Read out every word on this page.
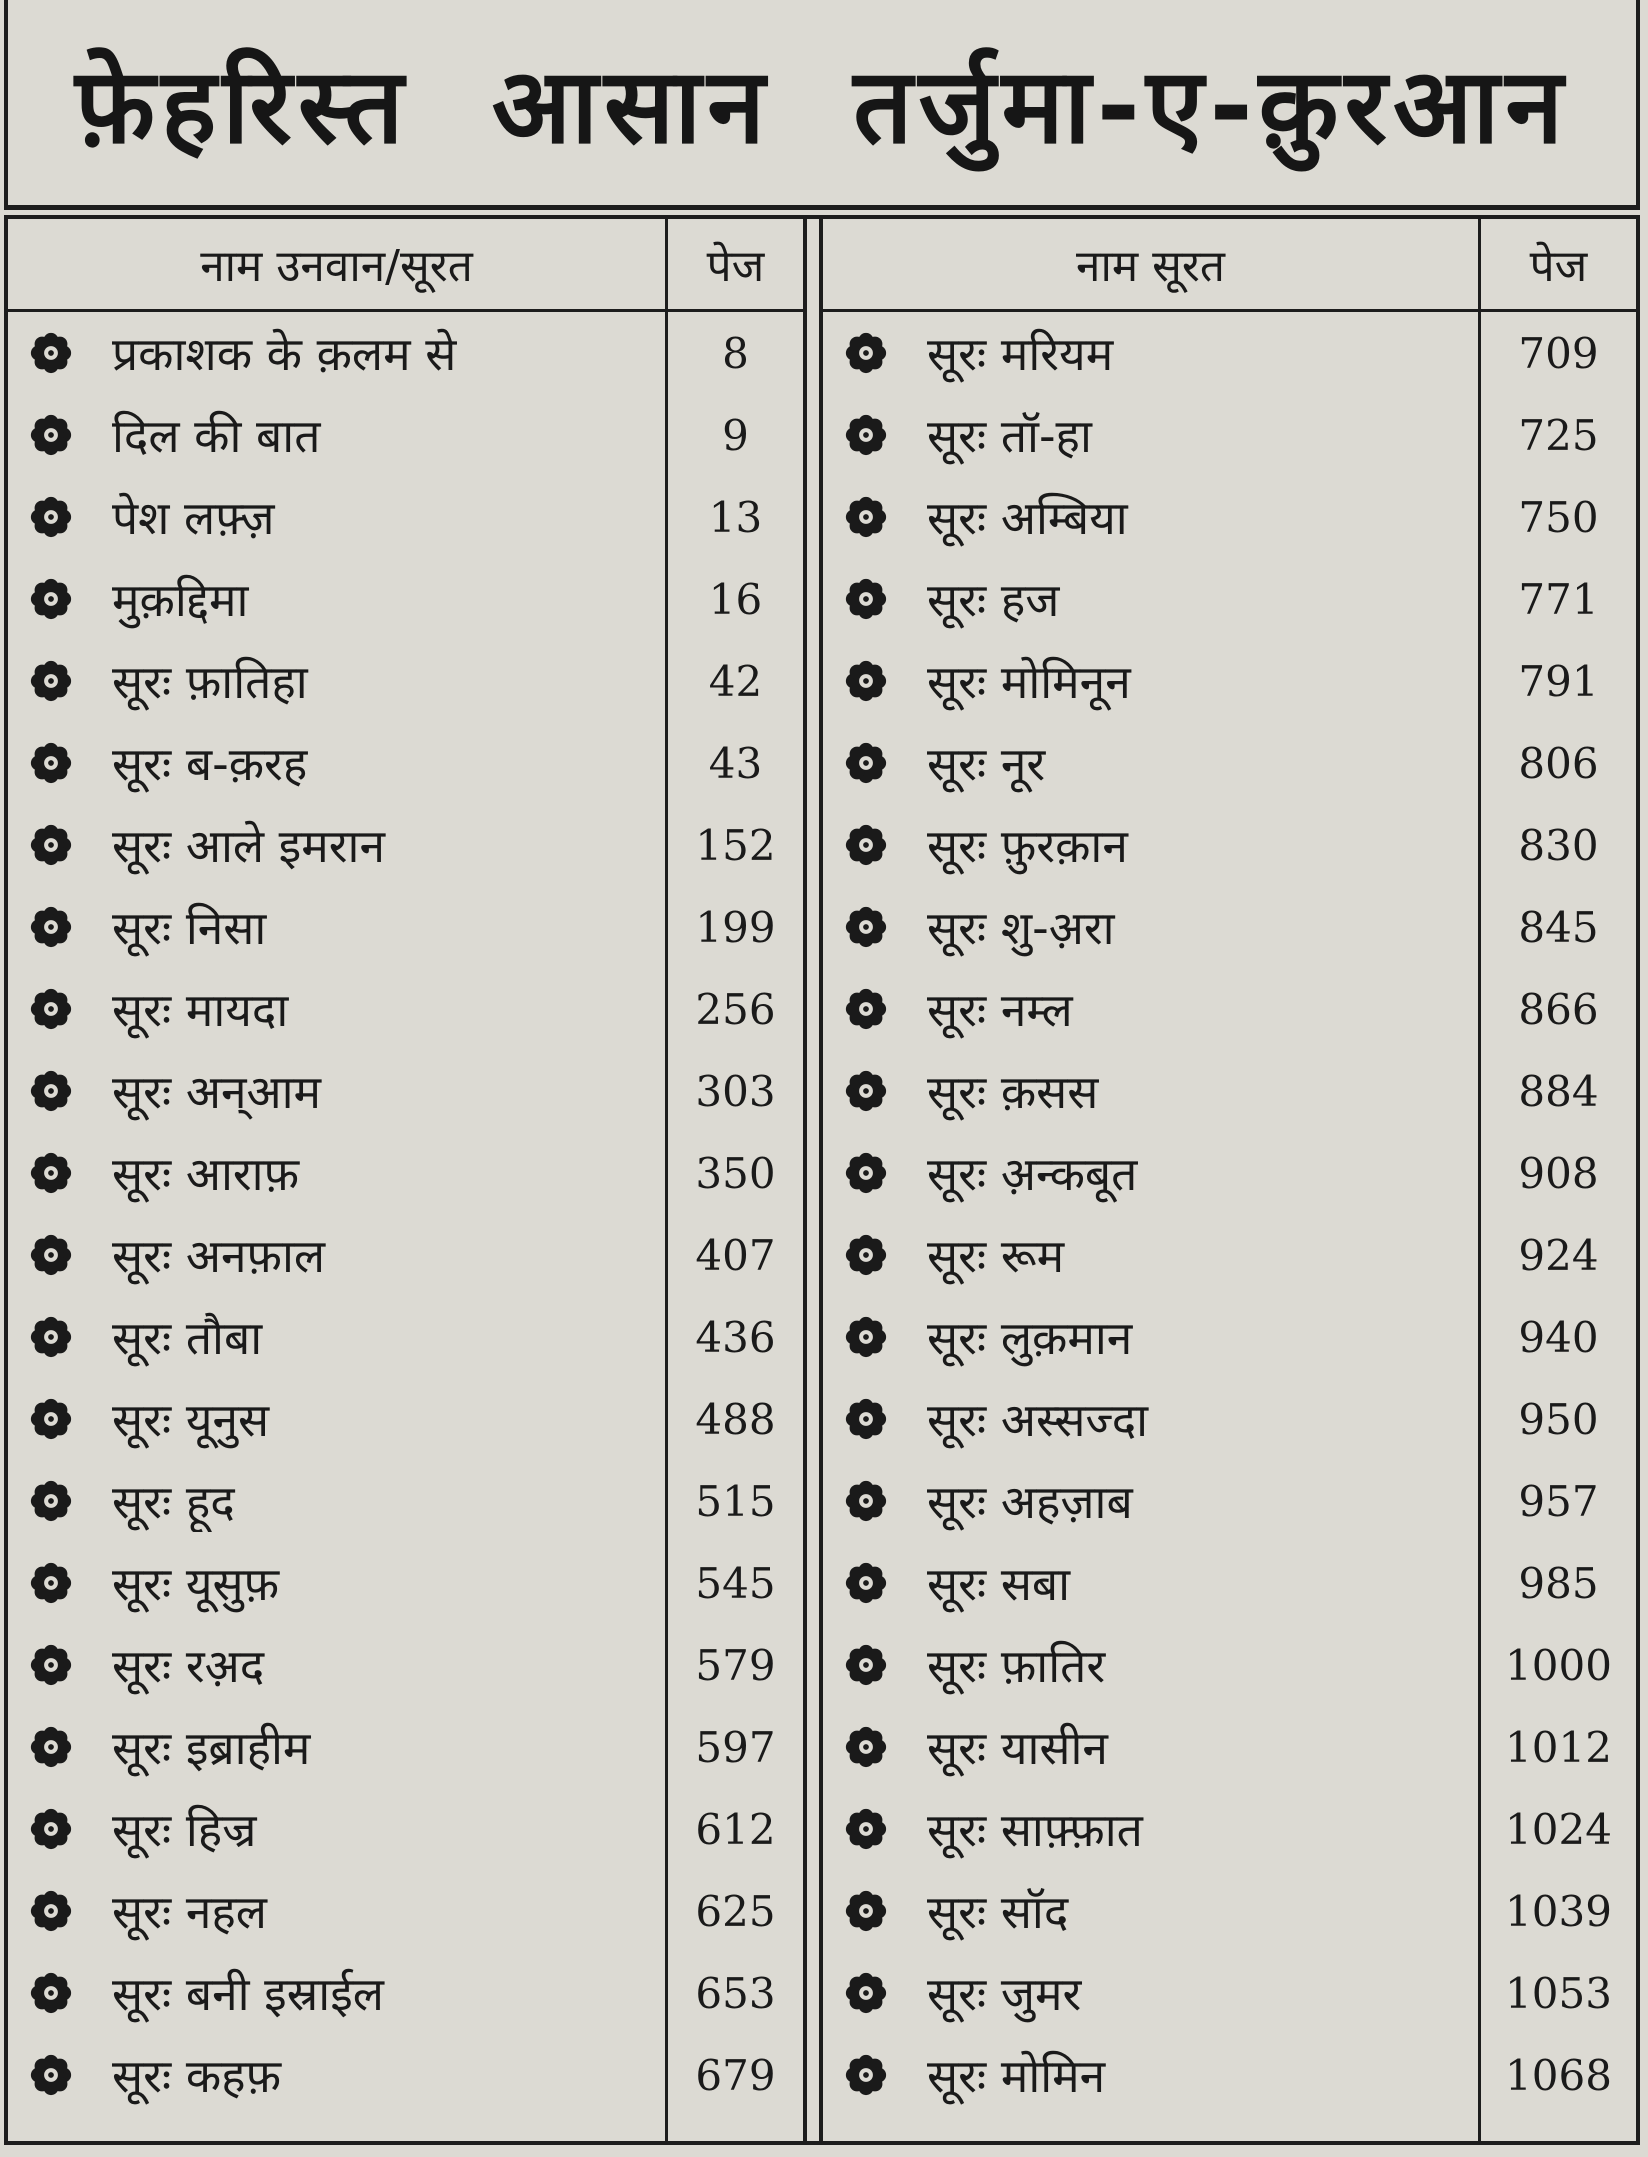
फ़ेहरिस्त आसान तर्जुमा-ए-क़ुरआन
नाम उनवान/सूरत	पेज
प्रकाशक के क़लम से	8
दिल की बात	9
पेश लफ़्ज़	13
मुक़द्दिमा	16
सूरः फ़ातिहा	42
सूरः ब-क़रह	43
सूरः आले इमरान	152
सूरः निसा	199
सूरः मायदा	256
सूरः अन्आम	303
सूरः आराफ़	350
सूरः अनफ़ाल	407
सूरः तौबा	436
सूरः यूनुस	488
सूरः हूद	515
सूरः यूसुफ़	545
सूरः रअ़द	579
सूरः इब्राहीम	597
सूरः हिज्र	612
सूरः नहल	625
सूरः बनी इस्राईल	653
सूरः कहफ़	679
नाम सूरत	पेज
सूरः मरियम	709
सूरः तॉ-हा	725
सूरः अम्बिया	750
सूरः हज	771
सूरः मोमिनून	791
सूरः नूर	806
सूरः फ़ुरक़ान	830
सूरः शु-अ़रा	845
सूरः नम्ल	866
सूरः क़सस	884
सूरः अ़न्कबूत	908
सूरः रूम	924
सूरः लुक़मान	940
सूरः अस्सज्दा	950
सूरः अहज़ाब	957
सूरः सबा	985
सूरः फ़ातिर	1000
सूरः यासीन	1012
सूरः साफ़्फ़ात	1024
सूरः सॉद	1039
सूरः जुमर	1053
सूरः मोमिन	1068
